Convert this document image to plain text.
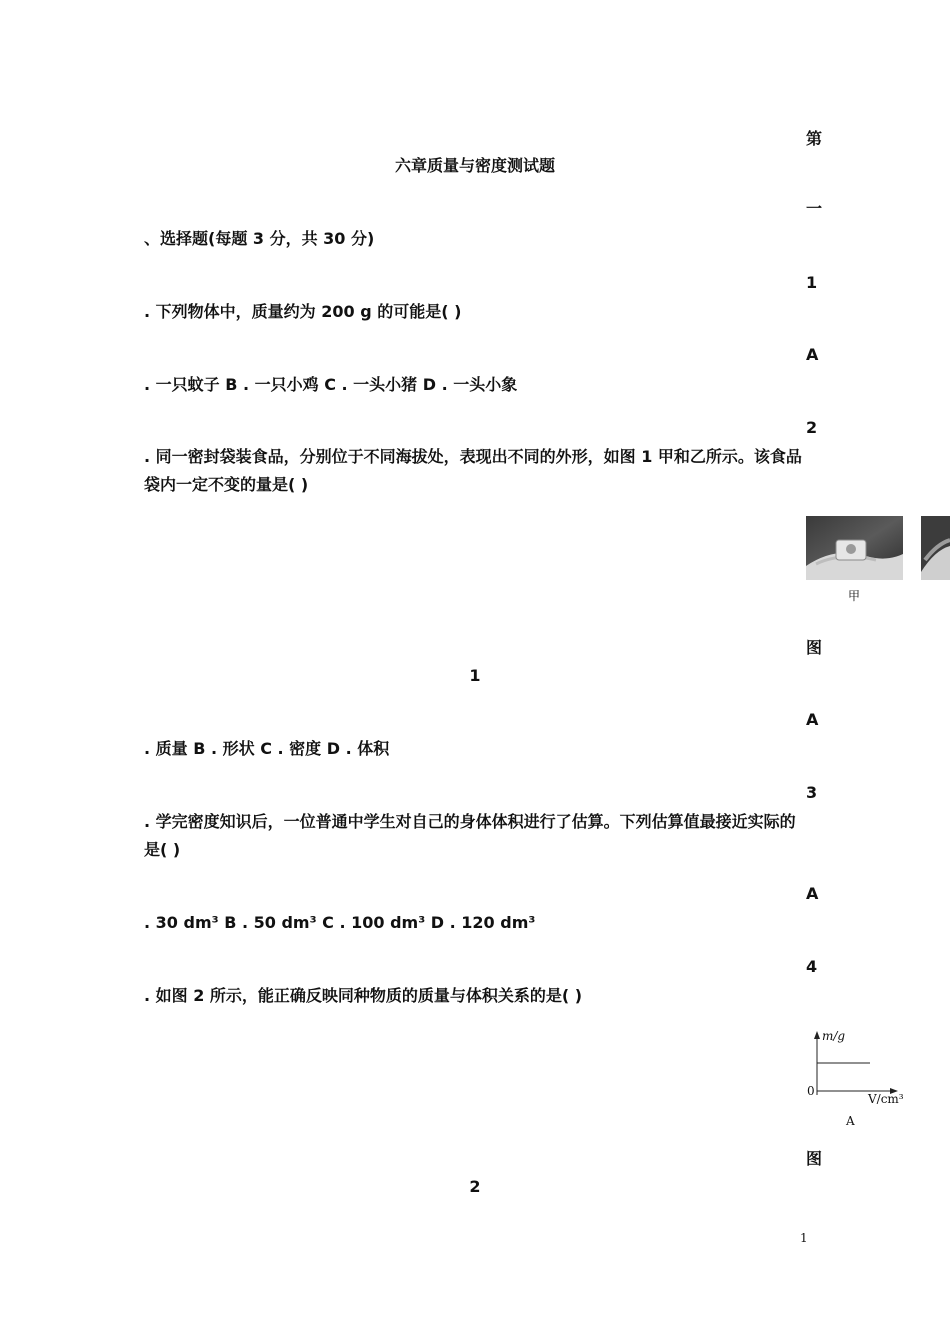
六章质量与密度测试题
、选择题(每题 3 分，共 30 分)
. 下列物体中，质量约为 200 g 的可能是( )
. 一只蚊子 B . 一只小鸡 C . 一头小猪 D . 一头小象
. 同一密封袋装食品，分别位于不同海拔处，表现出不同的外形，如图 1 甲和乙所示。该食品袋内一定不变的量是( )
1
. 质量 B . 形状 C . 密度 D . 体积
. 学完密度知识后，一位普通中学生对自己的身体体积进行了估算。下列估算值最接近实际的是( )
. 30 dm³ B . 50 dm³ C . 100 dm³ D . 120 dm³
. 如图 2 所示，能正确反映同种物质的质量与体积关系的是( )
2
第
一
1
A
2
图
A
3
A
4
图
甲
m/g
0
V/cm³
A
1
